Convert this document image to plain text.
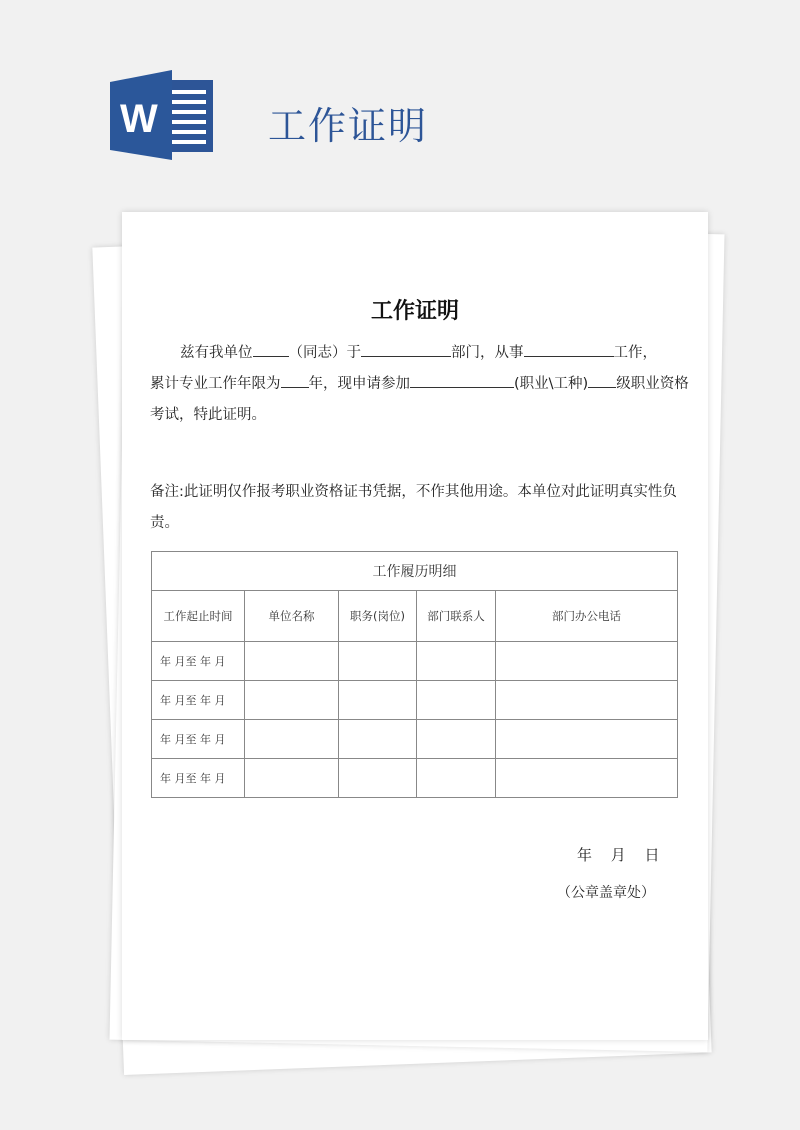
W	工作证明
工作证明
兹有我单位 （同志）于	部门，从事	工作，
累计专业工作年限为 年，现申请参加	(职业\工种) 级职业资格考试，特此证明。
备注:此证明仅作报考职业资格证书凭据，不作其他用途。本单位对此证明真实性负责。
工作履历明细				
工作起止时间	单位名称	职务(岗位)	部门联系人	部门办公电话
年 月至 年 月				
年 月至 年 月				
年 月至 年 月				
年 月至 年 月				
年 月 日
（公章盖章处）
